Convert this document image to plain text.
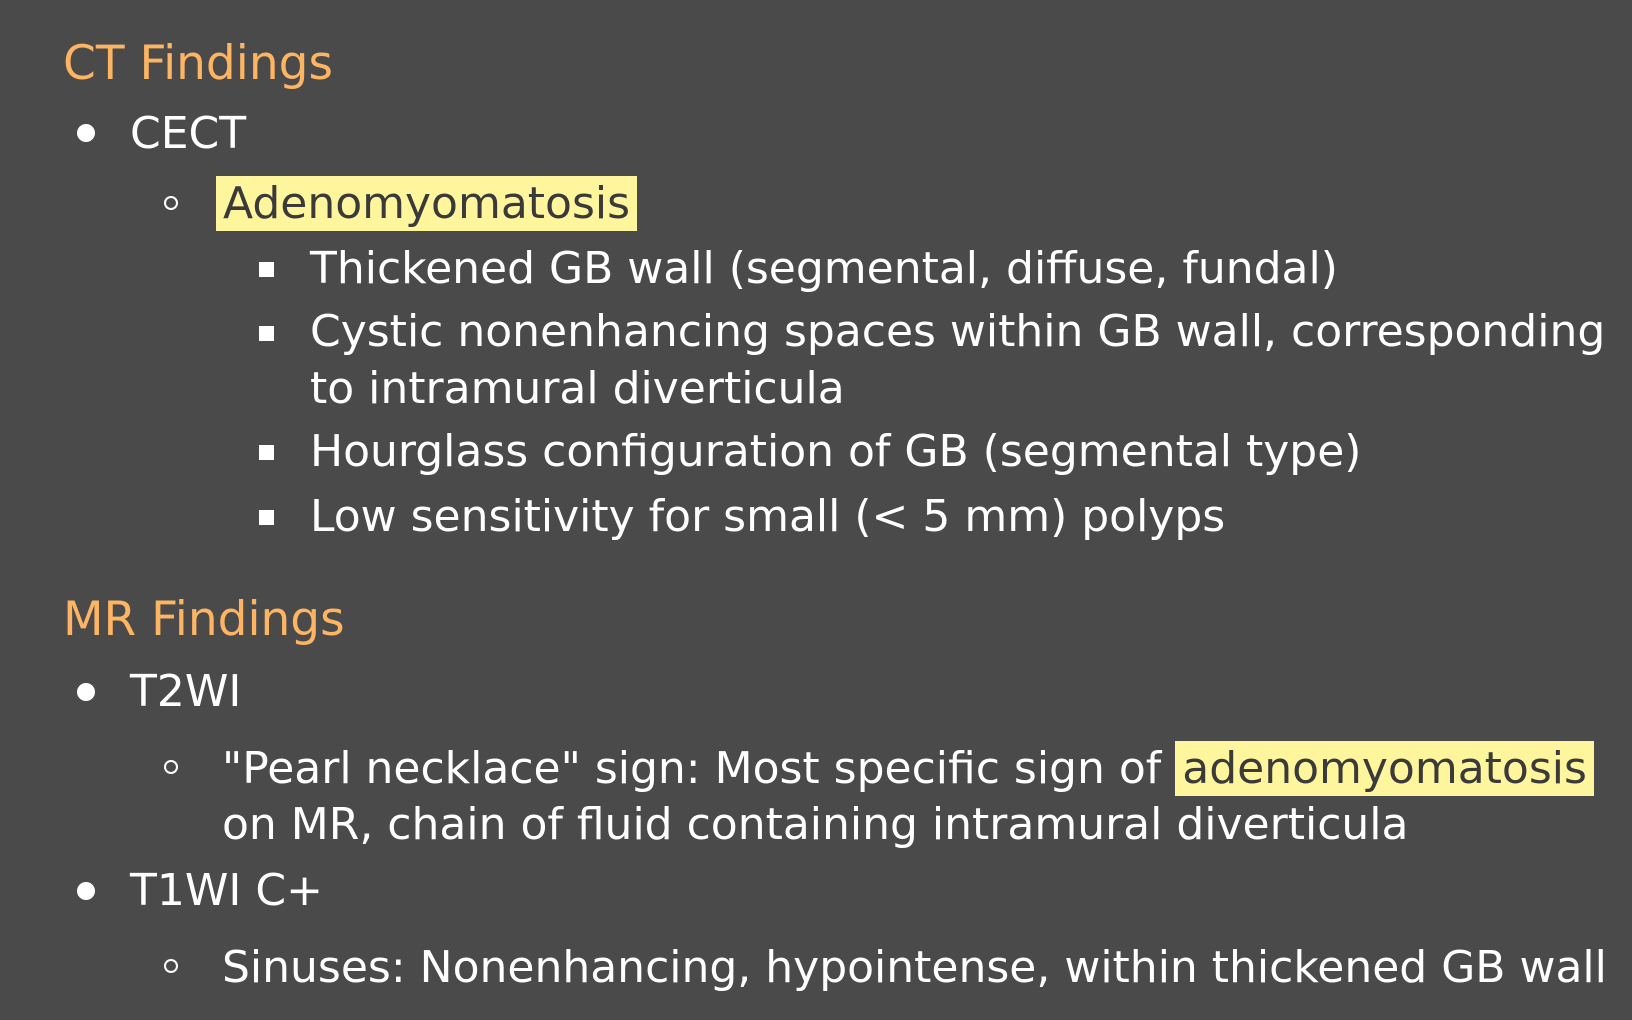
CT Findings

CECT

Adenomyomatosis

Thickened GB wall (segmental, diffuse, fundal)

Cystic nonenhancing spaces within GB wall, corresponding

to intramural diverticula

Hourglass configuration of GB (segmental type)

Low sensitivity for small (< 5 mm) polyps

MR Findings

T2WI

"Pearl necklace" sign: Most specific sign of adenomyomatosis

on MR, chain of fluid containing intramural diverticula

T1WI C+

Sinuses: Nonenhancing, hypointense, within thickened GB wall
